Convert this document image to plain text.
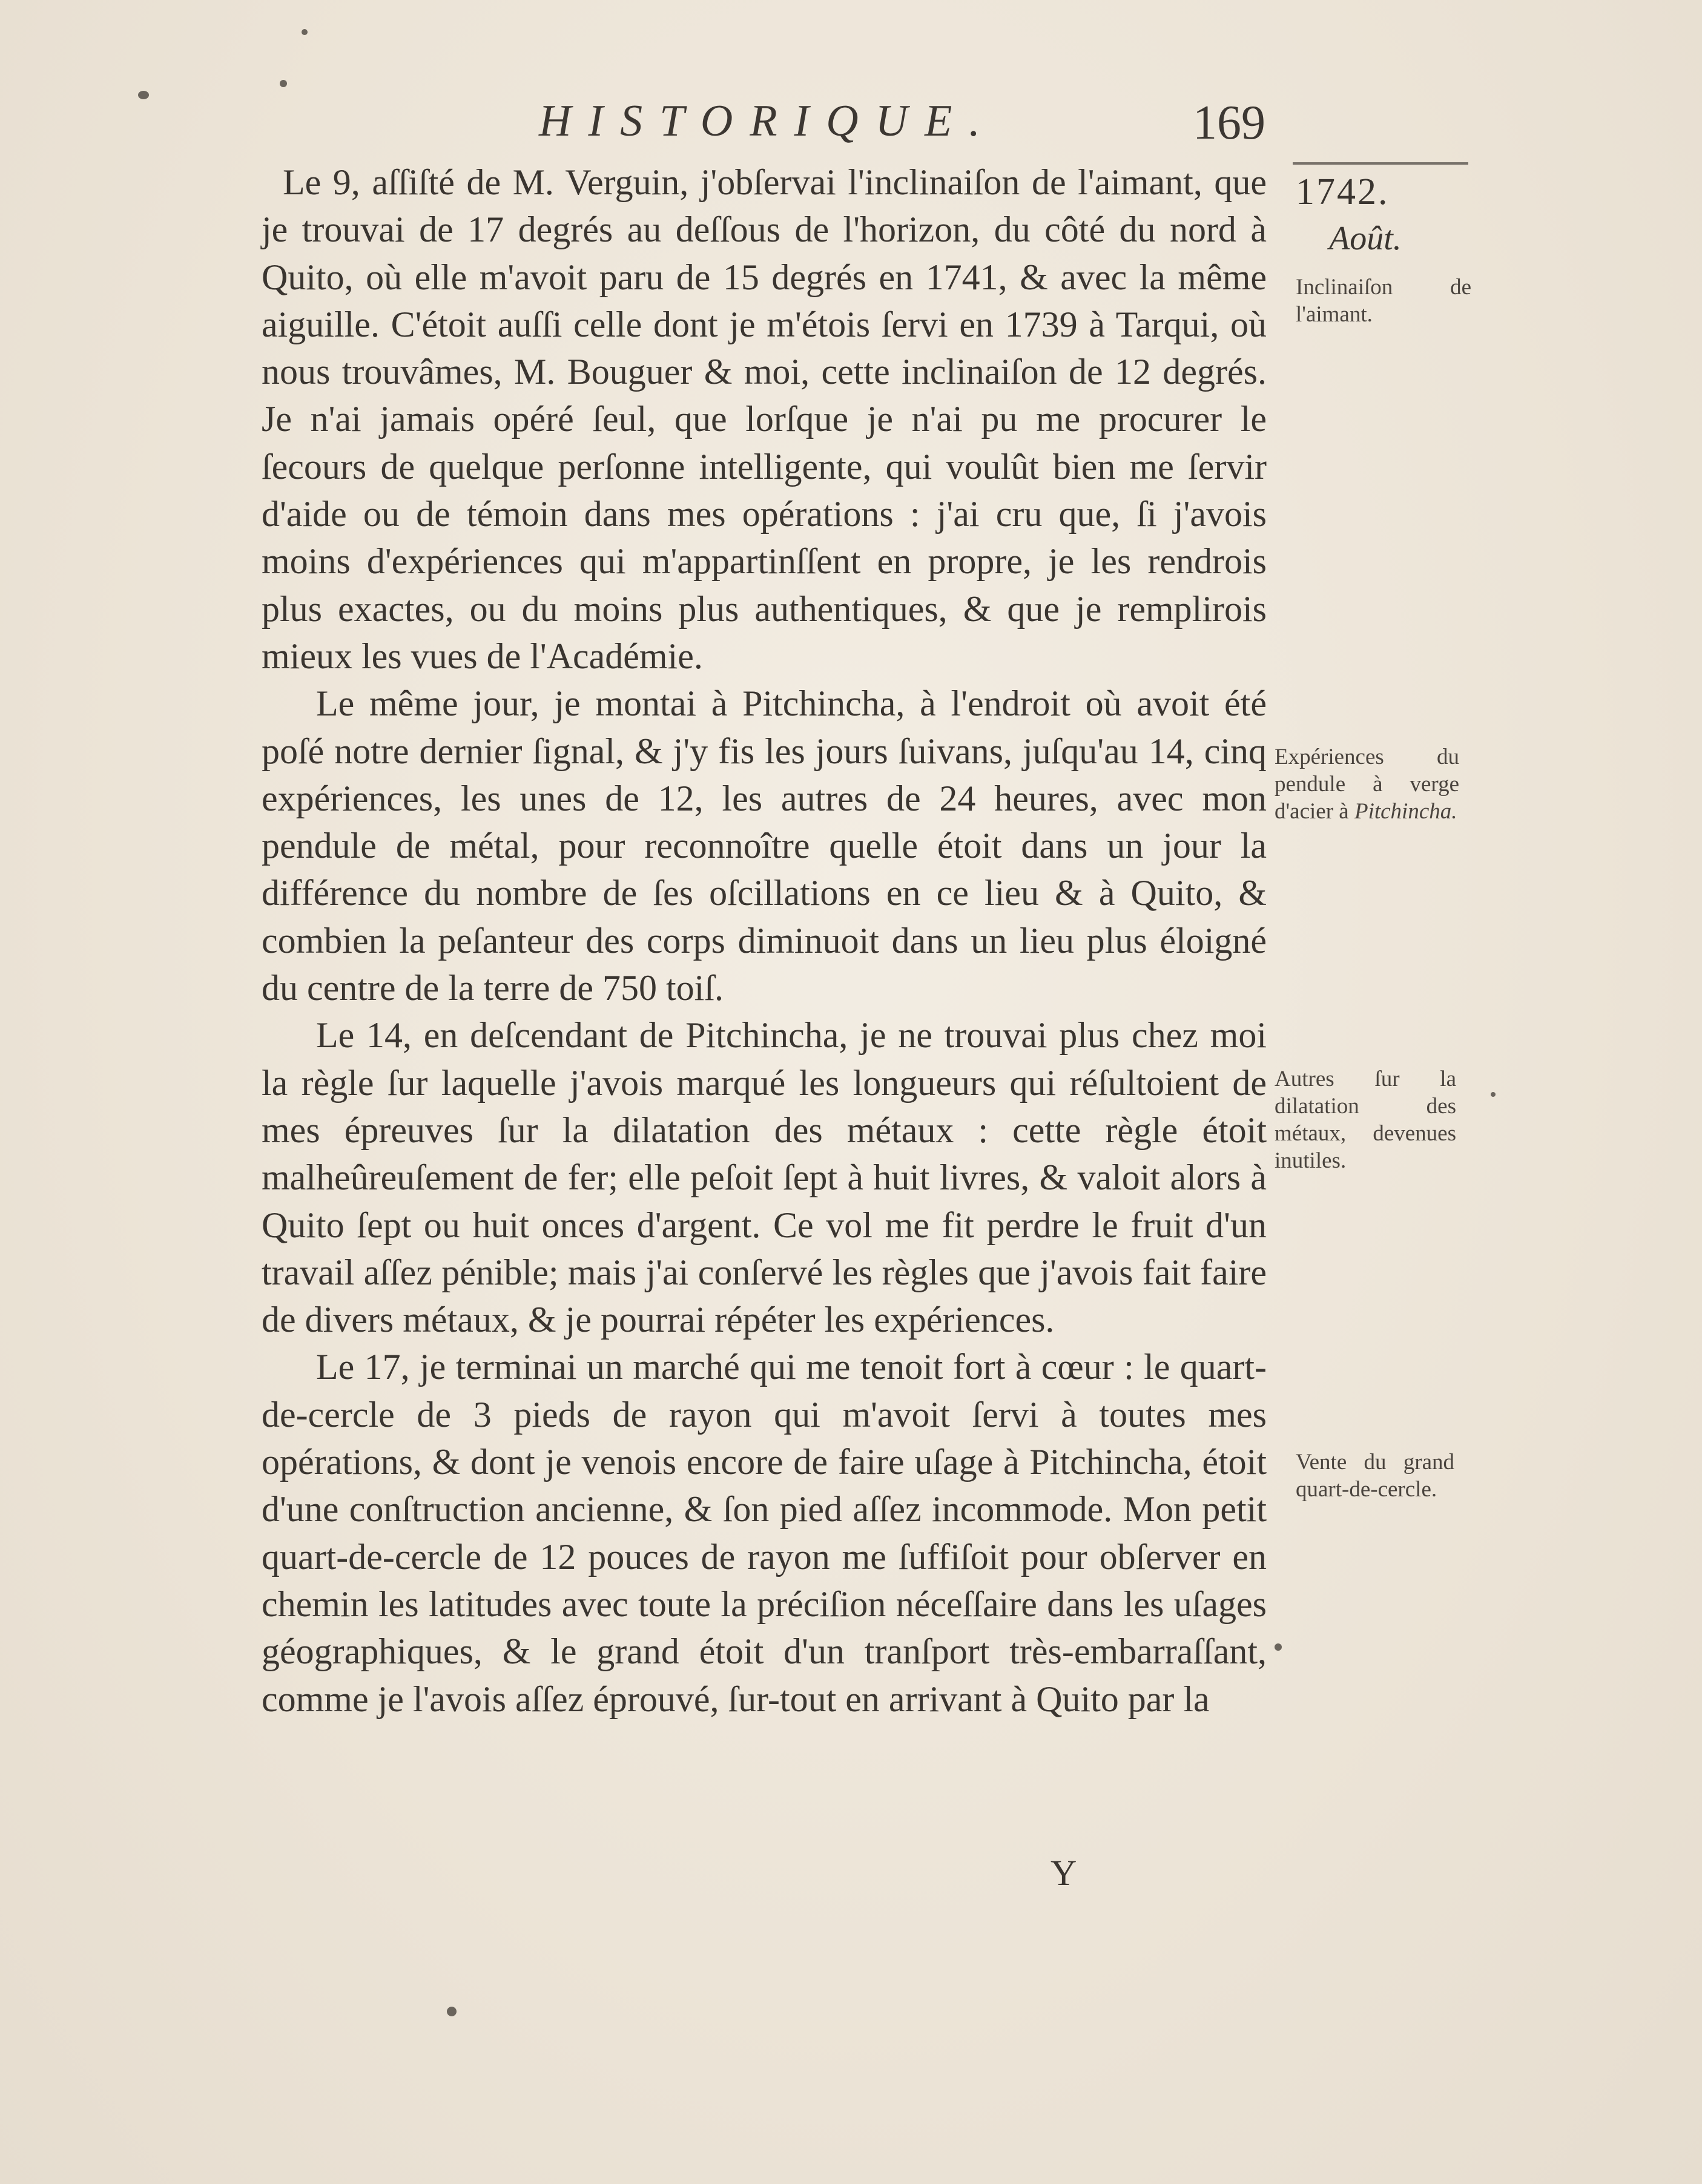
HISTORIQUE.	169
1742.
Août.
Inclinaiſon de l'aimant.
Expériences du pendule à verge d'acier à Pitchincha.
Autres ſur la dilatation des métaux, devenues inutiles.
Vente du grand quart-de-cercle.

Le 9, aſſiſté de M. Verguin, j'obſervai l'inclinaiſon de l'aimant, que je trouvai de 17 degrés au deſſous de l'horizon, du côté du nord à Quito, où elle m'avoit paru de 15 degrés en 1741, & avec la même aiguille. C'étoit auſſi celle dont je m'étois ſervi en 1739 à Tarqui, où nous trouvâmes, M. Bouguer & moi, cette inclinaiſon de 12 degrés. Je n'ai jamais opéré ſeul, que lorſque je n'ai pu me procurer le ſecours de quelque perſonne intelligente, qui voulût bien me ſervir d'aide ou de témoin dans mes opérations : j'ai cru que, ſi j'avois moins d'expériences qui m'appartinſſent en propre, je les rendrois plus exactes, ou du moins plus authentiques, & que je remplirois mieux les vues de l'Académie.

Le même jour, je montai à Pitchincha, à l'endroit où avoit été poſé notre dernier ſignal, & j'y fis les jours ſuivans, juſqu'au 14, cinq expériences, les unes de 12, les autres de 24 heures, avec mon pendule de métal, pour reconnoître quelle étoit dans un jour la différence du nombre de ſes oſcillations en ce lieu & à Quito, & combien la peſanteur des corps diminuoit dans un lieu plus éloigné du centre de la terre de 750 toiſ.

Le 14, en deſcendant de Pitchincha, je ne trouvai plus chez moi la règle ſur laquelle j'avois marqué les longueurs qui réſultoient de mes épreuves ſur la dilatation des métaux : cette règle étoit malheûreuſement de fer; elle peſoit ſept à huit livres, & valoit alors à Quito ſept ou huit onces d'argent. Ce vol me fit perdre le fruit d'un travail aſſez pénible; mais j'ai conſervé les règles que j'avois fait faire de divers métaux, & je pourrai répéter les expériences.

Le 17, je terminai un marché qui me tenoit fort à cœur : le quart-de-cercle de 3 pieds de rayon qui m'avoit ſervi à toutes mes opérations, & dont je venois encore de faire uſage à Pitchincha, étoit d'une conſtruction ancienne, & ſon pied aſſez incommode. Mon petit quart-de-cercle de 12 pouces de rayon me ſuffiſoit pour obſerver en chemin les latitudes avec toute la préciſion néceſſaire dans les uſages géographiques, & le grand étoit d'un tranſport très-embarraſſant, comme je l'avois aſſez éprouvé, ſur-tout en arrivant à Quito par la

Y
